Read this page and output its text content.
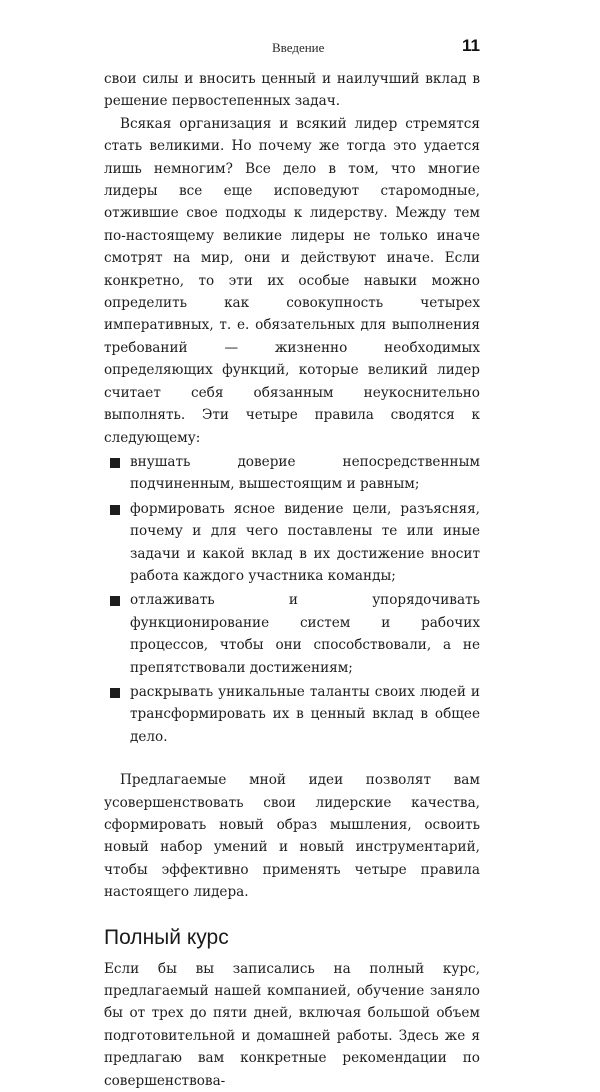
Введение	11

свои силы и вносить ценный и наилучший вклад в решение первостепенных задач.

Всякая организация и всякий лидер стремятся стать великими. Но почему же тогда это удается лишь немногим? Все дело в том, что многие лидеры все еще исповедуют старомодные, отжившие свое подходы к лидерству. Между тем по-настоящему великие лидеры не только иначе смотрят на мир, они и действуют иначе. Если конкретно, то эти их особые навыки можно определить как совокупность четырех императивных, т. е. обязательных для выполнения требований — жизненно необходимых определяющих функций, которые великий лидер считает себя обязанным неукоснительно выполнять. Эти четыре правила сводятся к следующему:

внушать доверие непосредственным подчиненным, вышестоящим и равным;
формировать ясное видение цели, разъясняя, почему и для чего поставлены те или иные задачи и какой вклад в их достижение вносит работа каждого участника команды;
отлаживать и упорядочивать функционирование систем и рабочих процессов, чтобы они способствовали, а не препятствовали достижениям;
раскрывать уникальные таланты своих людей и трансформировать их в ценный вклад в общее дело.

Предлагаемые мной идеи позволят вам усовершенствовать свои лидерские качества, сформировать новый образ мышления, освоить новый набор умений и новый инструментарий, чтобы эффективно применять четыре правила настоящего лидера.

Полный курс

Если бы вы записались на полный курс, предлагаемый нашей компанией, обучение заняло бы от трех до пяти дней, включая большой объем подготовительной и домашней работы. Здесь же я предлагаю вам конкретные рекомендации по совершенствова-
